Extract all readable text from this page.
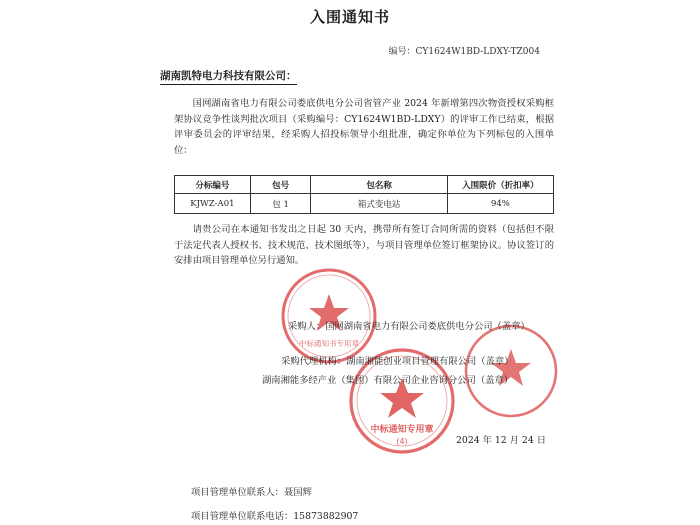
入围通知书
编号：CY1624W1BD-LDXY-TZ004
湖南凯特电力科技有限公司：
国网湖南省电力有限公司娄底供电分公司省管产业 2024 年新增第四次物资授权采购框架协议竞争性谈判批次项目（采购编号：CY1624W1BD-LDXY）的评审工作已结束，根据评审委员会的评审结果，经采购人招投标领导小组批准，确定你单位为下列标包的入围单位：
分标编号	包号	包名称	入围限价（折扣率）
KJWZ-A01	包 1	箱式变电站	94%
请贵公司在本通知书发出之日起 30 天内，携带所有签订合同所需的资料（包括但不限于法定代表人授权书、技术规范、技术图纸等），与项目管理单位签订框架协议。协议签订的安排由项目管理单位另行通知。
中标通知书专用章
中标通知专用章
(4)
采购人：国网湖南省电力有限公司娄底供电分公司（盖章）
采购代理机构：湖南湘能创业项目管理有限公司（盖章）
湖南湘能多经产业（集团）有限公司企业咨询分公司（盖章）
2024 年 12 月 24 日
项目管理单位联系人：聂国辉
项目管理单位联系电话：15873882907
